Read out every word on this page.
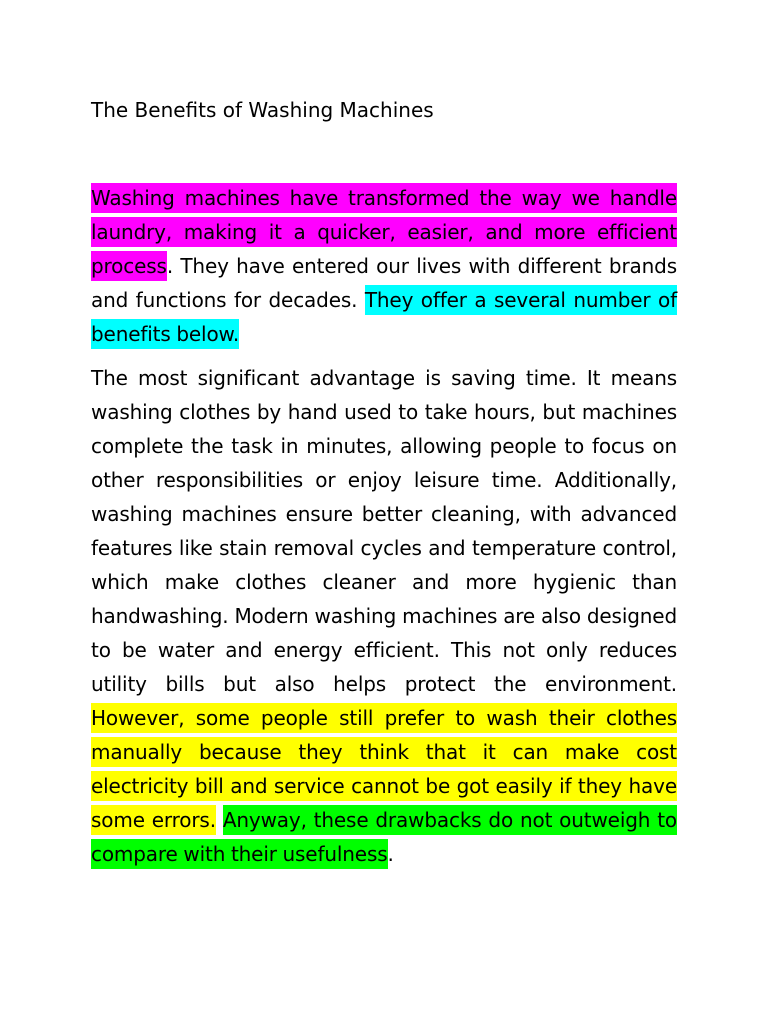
The Benefits of Washing Machines

Washing machines have transformed the way we handle laundry, making it a quicker, easier, and more efficient process. They have entered our lives with different brands and functions for decades. They offer a several number of benefits below.

The most significant advantage is saving time. It means washing clothes by hand used to take hours, but machines complete the task in minutes, allowing people to focus on other responsibilities or enjoy leisure time. Additionally, washing machines ensure better cleaning, with advanced features like stain removal cycles and temperature control, which make clothes cleaner and more hygienic than handwashing. Modern washing machines are also designed to be water and energy efficient. This not only reduces utility bills but also helps protect the environment. However, some people still prefer to wash their clothes manually because they think that it can make cost electricity bill and service cannot be got easily if they have some errors. Anyway, these drawbacks do not outweigh to compare with their usefulness.
